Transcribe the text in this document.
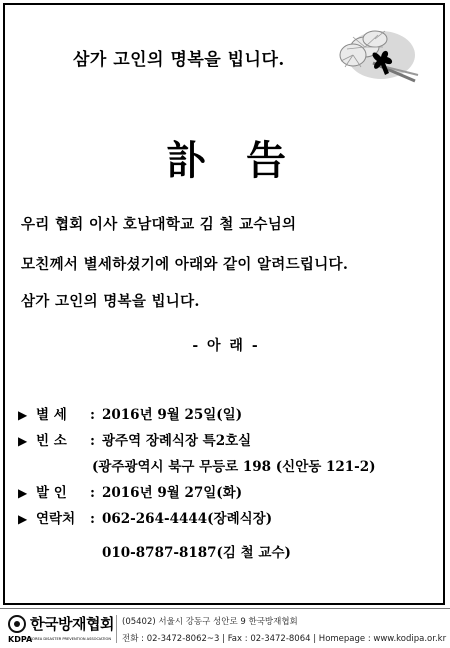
삼가 고인의 명복을 빕니다.
訃告
우리 협회 이사 호남대학교 김 철 교수님의
모친께서 별세하셨기에 아래와 같이 알려드립니다.
삼가 고인의 명복을 빕니다.
- 아 래 -
▶ 별 세 : 2016년 9월 25일(일)
▶ 빈 소 : 광주역 장례식장 특2호실
(광주광역시 북구 무등로 198 (신안동 121-2)
▶ 발 인 : 2016년 9월 27일(화)
▶ 연락처 : 062-264-4444(장례식장)
010-8787-8187(김 철 교수)
한국방재협회
KDPA
KOREA DISASTER PREVENTION ASSOCIATION
(05402) 서울시 강동구 성안로 9 한국방재협회
전화 : 02-3472-8062~3 | Fax : 02-3472-8064 | Homepage : www.kodipa.or.kr
